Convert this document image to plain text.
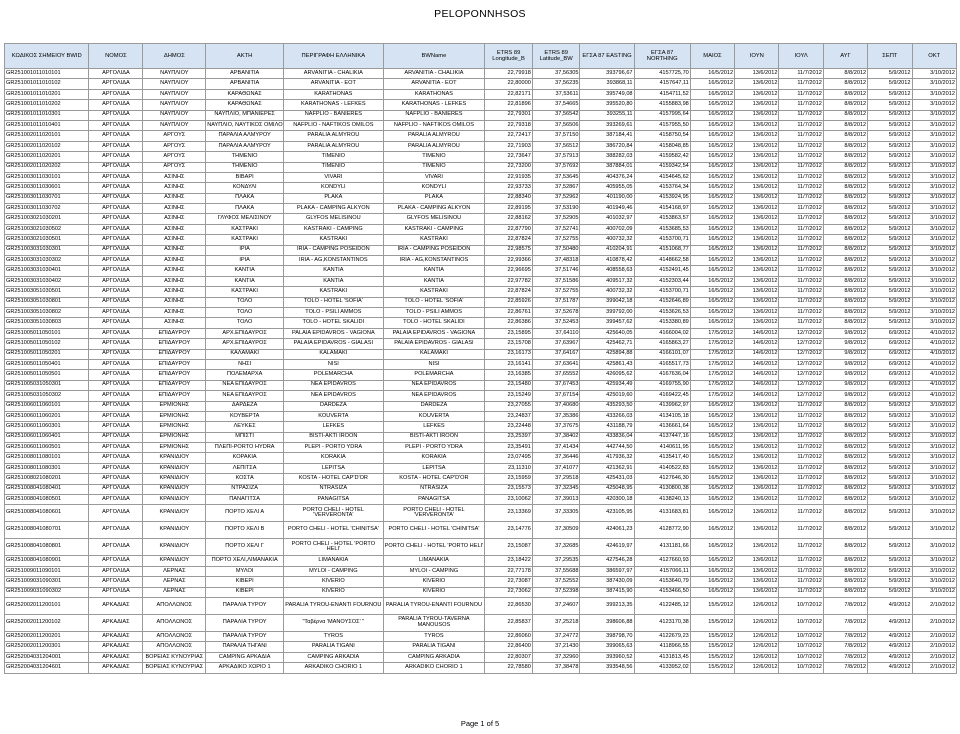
PELOPONNHSOS
ΚΩΔΙΚΟΣ ΣΗΜΕΙΟΥ BWID	ΝΟΜΟΣ	ΔΗΜΟΣ	ΑΚΤΗ	ΠΕΡΙΓΡΑΦΗ ΕΛΛΗΝΙΚΑ	BWName	ETRS 89 Longitude_B	ETRS 89 Latitude_BW	ΕΓΣΑ 87 EASTING	ΕΓΣΑ 87 NORTHING	ΜΑΙΟΣ	ΙΟΥΝ	ΙΟΥΛ	ΑΥΓ	ΣΕΠΤ	ΟΚΤ
GR251001011010101	ΑΡΓΟΛΙΔΑ	ΝΑΥΠΛΙΟΥ	ΑΡΒΑΝΙΤΙΑ	ARVANITIA - CHALIKIA	ARVANITIA - CHALIKIA	22,79918	37,56305	393796,67	4157725,70	16/5/2012	13/6/2012	11/7/2012	8/8/2012	5/9/2012	3/10/2012
GR251001011010102	ΑΡΓΟΛΙΔΑ	ΝΑΥΠΛΙΟΥ	ΑΡΒΑΝΙΤΙΑ	ARVANITIA - EOT	ARVANITIA - EOT	22,80000	37,56235	393868,11	4157647,11	16/5/2012	13/6/2012	11/7/2012	8/8/2012	5/9/2012	3/10/2012
GR251001011010201	ΑΡΓΟΛΙΔΑ	ΝΑΥΠΛΙΟΥ	ΚΑΡΑΘΩΝΑΣ	KARATHONAS	KARATHONAS	22,82171	37,53611	395749,08	4154711,52	16/5/2012	13/6/2012	11/7/2012	8/8/2012	5/9/2012	3/10/2012
GR251001011010202	ΑΡΓΟΛΙΔΑ	ΝΑΥΠΛΙΟΥ	ΚΑΡΑΘΩΝΑΣ	KARATHONAS - LEFKES	KARATHONAS - LEFKES	22,81896	37,54665	395520,80	4155883,98	16/5/2012	13/6/2012	11/7/2012	8/8/2012	5/9/2012	3/10/2012
GR251001011010301	ΑΡΓΟΛΙΔΑ	ΝΑΥΠΛΙΟΥ	ΝΑΥΠΛΙΟ, ΜΠΑΝΙΕΡΕΣ	NAFPLIO - BANIERES	NAFPLIO - BANIERES	22,79301	37,56542	393255,11	4157995,64	16/5/2012	13/6/2012	11/7/2012	8/8/2012	5/9/2012	3/10/2012
GR251001011010401	ΑΡΓΟΛΙΔΑ	ΝΑΥΠΛΙΟΥ	ΝΑΥΠΛΙΟ, ΝΑΥΤΙΚΟΣ ΟΜΙΛΟ	NAFPLIO - NAFTIKOS OMILOS	NAFPLIO - NAFTIKOS OMILOS	22,79318	37,56506	393269,61	4157955,50	16/5/2012	13/6/2012	11/7/2012	8/8/2012	5/9/2012	3/10/2012
GR251002011020101	ΑΡΓΟΛΙΔΑ	ΑΡΓΟΥΣ	ΠΑΡΑΛΙΑ ΑΛΜΥΡΟΥ	PARALIA ALMYROU	PARALIA ALMYROU	22,72417	37,57150	387184,41	4158750,54	16/5/2012	13/6/2012	11/7/2012	8/8/2012	5/9/2012	3/10/2012
GR251002011020102	ΑΡΓΟΛΙΔΑ	ΑΡΓΟΥΣ	ΠΑΡΑΛΙΑ ΑΛΜΥΡΟΥ	PARALIA ALMYROU	PARALIA ALMYROU	22,71903	37,56512	386720,84	4158048,85	16/5/2012	13/6/2012	11/7/2012	8/8/2012	5/9/2012	3/10/2012
GR251002011020201	ΑΡΓΟΛΙΔΑ	ΑΡΓΟΥΣ	ΤΗΜΕΝΙΟ	TIMENIO	TIMENIO	22,73647	37,57913	388282,03	4159582,42	16/5/2012	13/6/2012	11/7/2012	8/8/2012	5/9/2012	3/10/2012
GR251002011020202	ΑΡΓΟΛΙΔΑ	ΑΡΓΟΥΣ	ΤΗΜΕΝΙΟ	TIMENIO	TIMENIO	22,73200	37,57692	387884,01	4159342,54	16/5/2012	13/6/2012	11/7/2012	8/8/2012	5/9/2012	3/10/2012
GR251003011030101	ΑΡΓΟΛΙΔΑ	ΑΣΙΝΗΣ	ΒΙΒΑΡΙ	VIVARI	VIVARI	22,91935	37,53645	404376,24	4154645,62	16/5/2012	13/6/2012	11/7/2012	8/8/2012	5/9/2012	3/10/2012
GR251003011030601	ΑΡΓΟΛΙΔΑ	ΑΣΙΝΗΣ	ΚΟΝΔΥΛΙ	KONDYLI	KONDYLI	22,93733	37,52867	405955,05	4153764,34	16/5/2012	13/6/2012	11/7/2012	8/8/2012	5/9/2012	3/10/2012
GR251003011030701	ΑΡΓΟΛΙΔΑ	ΑΣΙΝΗΣ	ΠΛΑΚΑ	PLAKA	PLAKA	22,88340	37,52962	401190,00	4153924,95	16/5/2012	13/6/2012	11/7/2012	8/8/2012	5/9/2012	3/10/2012
GR251003011030702	ΑΡΓΟΛΙΔΑ	ΑΣΙΝΗΣ	ΠΛΑΚΑ	PLAKA - CAMPING ALKYON	PLAKA - CAMPING ALKYON	22,89195	37,53190	401949,46	4154168,97	16/5/2012	13/6/2012	11/7/2012	8/8/2012	5/9/2012	3/10/2012
GR251003021030201	ΑΡΓΟΛΙΔΑ	ΑΣΙΝΗΣ	ΓΛΥΦΟΣ ΜΕΛΙΣΙΝΟΥ	GLYFOS MELISINOU	GLYFOS MELISINOU	22,88162	37,52905	401032,97	4153863,57	16/5/2012	13/6/2012	11/7/2012	8/8/2012	5/9/2012	3/10/2012
GR251003021030502	ΑΡΓΟΛΙΔΑ	ΑΣΙΝΗΣ	ΚΑΣΤΡΑΚΙ	KASTRAKI - CAMPING	KASTRAKI - CAMPING	22,87790	37,52741	400702,09	4153685,53	16/5/2012	13/6/2012	11/7/2012	8/8/2012	5/9/2012	3/10/2012
GR251003021030501	ΑΡΓΟΛΙΔΑ	ΑΣΙΝΗΣ	ΚΑΣΤΡΑΚΙ	KASTRAKI	KASTRAKI	22,87824	37,52755	400732,32	4153700,71	16/5/2012	13/6/2012	11/7/2012	8/8/2012	5/9/2012	3/10/2012
GR251003031030301	ΑΡΓΟΛΙΔΑ	ΑΣΙΝΗΣ	ΙΡΙΑ	IRIA - CAMPING POSEIDON	IRIA - CAMPING POSEIDON	22,98575	37,50480	410204,91	4151068,77	16/5/2012	13/6/2012	11/7/2012	8/8/2012	5/9/2012	3/10/2012
GR251003031030302	ΑΡΓΟΛΙΔΑ	ΑΣΙΝΗΣ	ΙΡΙΑ	IRIA - AG,KONSTANTINOS	IRIA - AG,KONSTANTINOS	22,99366	37,48318	410878,42	4148662,58	16/5/2012	13/6/2012	11/7/2012	8/8/2012	5/9/2012	3/10/2012
GR251003031030401	ΑΡΓΟΛΙΔΑ	ΑΣΙΝΗΣ	ΚΑΝΤΙΑ	KANTIA	KANTIA	22,96695	37,51746	408558,63	4152491,45	16/5/2012	13/6/2012	11/7/2012	8/8/2012	5/9/2012	3/10/2012
GR251003031030402	ΑΡΓΟΛΙΔΑ	ΑΣΙΝΗΣ	ΚΑΝΤΙΑ	KANTIA	KANTIA	22,97782	37,51586	409517,32	4152303,44	16/5/2012	13/6/2012	11/7/2012	8/8/2012	5/9/2012	3/10/2012
GR251003051030501	ΑΡΓΟΛΙΔΑ	ΑΣΙΝΗΣ	ΚΑΣΤΡΑΚΙ	KASTRAKI	KASTRAKI	22,87824	37,52755	400732,32	4153700,71	16/5/2012	13/6/2012	11/7/2012	8/8/2012	5/9/2012	3/10/2012
GR251003051030801	ΑΡΓΟΛΙΔΑ	ΑΣΙΝΗΣ	ΤΟΛΟ	TOLO - HOTEL 'SOFIA'	TOLO - HOTEL 'SOFIA'	22,85926	37,51787	399042,18	4152646,89	16/5/2012	13/6/2012	11/7/2012	8/8/2012	5/9/2012	3/10/2012
GR251003051030802	ΑΡΓΟΛΙΔΑ	ΑΣΙΝΗΣ	ΤΟΛΟ	TOLO - PSILI AMMOS	TOLO - PSILI AMMOS	22,86761	37,52678	399792,00	4153626,53	16/5/2012	13/6/2012	11/7/2012	8/8/2012	5/9/2012	3/10/2012
GR251003051030803	ΑΡΓΟΛΙΔΑ	ΑΣΙΝΗΣ	ΤΟΛΟ	TOLO - HOTEL SKALIDI	TOLO - HOTEL SKALIDI	22,86386	37,52453	399457,62	4153380,89	16/5/2012	13/6/2012	11/7/2012	8/8/2012	5/9/2012	3/10/2012
GR251005011050101	ΑΡΓΟΛΙΔΑ	ΕΠΙΔΑΥΡΟΥ	ΑΡΧ.ΕΠΙΔΑΥΡΟΣ	PALAIA EPIDAVROS - VAGIONA	PALAIA EPIDAVROS - VAGIONA	23,15895	37,64110	425640,05	4166004,02	17/5/2012	14/6/2012	12/7/2012	9/8/2012	6/9/2012	4/10/2012
GR251005011050102	ΑΡΓΟΛΙΔΑ	ΕΠΙΔΑΥΡΟΥ	ΑΡΧ.ΕΠΙΔΑΥΡΟΣ	PALAIA EPIDAVROS - GIALASI	PALAIA EPIDAVROS - GIALASI	23,15708	37,63967	425462,71	4165863,27	17/5/2012	14/6/2012	12/7/2012	9/8/2012	6/9/2012	4/10/2012
GR251005011050201	ΑΡΓΟΛΙΔΑ	ΕΠΙΔΑΥΡΟΥ	ΚΑΛΑΜΑΚΙ	KALAMAKI	KALAMAKI	23,16173	37,64167	425894,88	4166101,07	17/5/2012	14/6/2012	12/7/2012	9/8/2012	6/9/2012	4/10/2012
GR251005011050401	ΑΡΓΟΛΙΔΑ	ΕΠΙΔΑΥΡΟΥ	ΝΗΣΙ	NISI	NISI	23,16141	37,63641	425861,43	4165517,73	17/5/2012	14/6/2012	12/7/2012	9/8/2012	6/9/2012	4/10/2012
GR251005011050501	ΑΡΓΟΛΙΔΑ	ΕΠΙΔΑΥΡΟΥ	ΠΟΛΕΜΑΡΧΑ	POLEMARCHA	POLEMARCHA	23,16385	37,65552	426095,62	4167636,04	17/5/2012	14/6/2012	12/7/2012	9/8/2012	6/9/2012	4/10/2012
GR251005031050301	ΑΡΓΟΛΙΔΑ	ΕΠΙΔΑΥΡΟΥ	ΝΕΑ ΕΠΙΔΑΥΡΟΣ	NEA EPIDAVROS	NEA EPIDAVROS	23,15480	37,67453	425934,49	4169755,90	17/5/2012	14/6/2012	12/7/2012	9/8/2012	6/9/2012	4/10/2012
GR251005031050302	ΑΡΓΟΛΙΔΑ	ΕΠΙΔΑΥΡΟΥ	ΝΕΑ ΕΠΙΔΑΥΡΟΣ	NEA EPIDAVROS	NEA EPIDAVROS	23,15249	37,67154	425019,60	4169422,45	17/5/2012	14/6/2012	12/7/2012	9/8/2012	6/9/2012	4/10/2012
GR251006011060101	ΑΡΓΟΛΙΔΑ	ΕΡΜΙΟΝΗΣ	ΔΑΡΔΕΖΑ	DARDEZA	DARDEZA	23,27055	37,40680	435293,50	4139962,97	16/5/2012	13/6/2012	11/7/2012	8/8/2012	5/9/2012	3/10/2012
GR251006011060201	ΑΡΓΟΛΙΔΑ	ΕΡΜΙΟΝΗΣ	ΚΟΥΒΕΡΤΑ	KOUVERTA	KOUVERTA	23,24837	37,35386	433266,03	4134105,18	16/5/2012	13/6/2012	11/7/2012	8/8/2012	5/9/2012	3/10/2012
GR251006011060301	ΑΡΓΟΛΙΔΑ	ΕΡΜΙΟΝΗΣ	ΛΕΥΚΕΣ	LEFKES	LEFKES	23,22448	37,37675	431188,79	4136661,64	16/5/2012	13/6/2012	11/7/2012	8/8/2012	5/9/2012	3/10/2012
GR251006011060401	ΑΡΓΟΛΙΔΑ	ΕΡΜΙΟΝΗΣ	ΜΠΙΣΤΙ	BISTI-AKTI IROON	BISTI-AKTI IROON	23,25397	37,38402	433836,04	4137447,16	16/5/2012	13/6/2012	11/7/2012	8/8/2012	5/9/2012	3/10/2012
GR251006011060501	ΑΡΓΟΛΙΔΑ	ΕΡΜΙΟΝΗΣ	ΠΛΕΠΙ-PORTO HYDRA	PLEPI - PORTO YDRA	PLEPI - PORTO YDRA	23,35491	37,41434	442744,50	4140611,95	16/5/2012	13/6/2012	11/7/2012	8/8/2012	5/9/2012	3/10/2012
GR251008011080101	ΑΡΓΟΛΙΔΑ	ΚΡΑΝΙΔΙΟΥ	ΚΟΡΑΚΙΑ	KORAKIA	KORAKIA	23,07495	37,36446	417936,32	4135417,40	16/5/2012	13/6/2012	11/7/2012	8/8/2012	5/9/2012	3/10/2012
GR251008011080301	ΑΡΓΟΛΙΔΑ	ΚΡΑΝΙΔΙΟΥ	ΛΕΠΙΤΣΑ	LEPITSA	LEPITSA	23,11310	37,41077	421362,91	4140522,83	16/5/2012	13/6/2012	11/7/2012	8/8/2012	5/9/2012	3/10/2012
GR251008021080201	ΑΡΓΟΛΙΔΑ	ΚΡΑΝΙΔΙΟΥ	ΚΟΣΤΑ	KOSTA - HOTEL CAP'D'OR	KOSTA - HOTEL CAP'D'OR	23,15959	37,29518	425431,03	4127646,30	16/5/2012	13/6/2012	11/7/2012	8/8/2012	5/9/2012	3/10/2012
GR251008041080401	ΑΡΓΟΛΙΔΑ	ΚΡΑΝΙΔΙΟΥ	ΝΤΡΑΣΙΖΑ	NTRASIZA	NTRASIZA	23,15573	37,32345	425048,95	4130800,38	16/5/2012	13/6/2012	11/7/2012	8/8/2012	5/9/2012	3/10/2012
GR251008041080501	ΑΡΓΟΛΙΔΑ	ΚΡΑΝΙΔΙΟΥ	ΠΑΝΑΓΙΤΣΑ	PANAGITSA	PANAGITSA	23,10062	37,39013	420300,18	4138240,13	16/5/2012	13/6/2012	11/7/2012	8/8/2012	5/9/2012	3/10/2012
GR251008041080601	ΑΡΓΟΛΙΔΑ	ΚΡΑΝΙΔΙΟΥ	ΠΟΡΤΟ ΧΕΛΙ Α	PORTO CHELI - HOTEL 'VERVERONTA'	PORTO CHELI - HOTEL 'VERVERONTA'	23,13369	37,33305	423105,95	4131683,81	16/5/2012	13/6/2012	11/7/2012	8/8/2012	5/9/2012	3/10/2012
GR251008041080701	ΑΡΓΟΛΙΔΑ	ΚΡΑΝΙΔΙΟΥ	ΠΟΡΤΟ ΧΕΛΙ Β	PORTO CHELI - HOTEL 'CHINITSA'	PORTO CHELI - HOTEL 'CHINITSA'	23,14776	37,30509	424061,23	4128772,90	16/5/2012	13/6/2012	11/7/2012	8/8/2012	5/9/2012	3/10/2012
GR251008041080801	ΑΡΓΟΛΙΔΑ	ΚΡΑΝΙΔΙΟΥ	ΠΟΡΤΟ ΧΕΛΙ Γ	PORTO CHELI - HOTEL 'PORTO HELI'	PORTO CHELI - HOTEL 'PORTO HELI'	23,15087	37,32685	424619,97	4131181,66	16/5/2012	13/6/2012	11/7/2012	8/8/2012	5/9/2012	3/10/2012
GR251008041080901	ΑΡΓΟΛΙΔΑ	ΚΡΑΝΙΔΙΟΥ	ΠΟΡΤΟ ΧΕΛΙ,ΛΙΜΑΝΑΚΙΑ	LIMANAKIA	LIMANAKIA	23,18422	37,29535	427546,28	4127660,93	16/5/2012	13/6/2012	11/7/2012	8/8/2012	5/9/2012	3/10/2012
GR251009011090101	ΑΡΓΟΛΙΔΑ	ΛΕΡΝΑΣ	ΜΥΛΟΙ	MYLOI - CAMPING	MYLOI - CAMPING	22,77178	37,55688	386597,97	4157066,11	16/5/2012	13/6/2012	11/7/2012	8/8/2012	5/9/2012	3/10/2012
GR251009031090301	ΑΡΓΟΛΙΔΑ	ΛΕΡΝΑΣ	ΚΙΒΕΡΙ	KIVERIO	KIVERIO	22,73087	37,52552	387430,09	4153640,79	16/5/2012	13/6/2012	11/7/2012	8/8/2012	5/9/2012	3/10/2012
GR251009031090302	ΑΡΓΟΛΙΔΑ	ΛΕΡΝΑΣ	ΚΙΒΕΡΙ	KIVERIO	KIVERIO	22,73062	37,52398	387415,90	4153466,50	16/5/2012	13/6/2012	11/7/2012	8/8/2012	5/9/2012	3/10/2012
GR252002011200101	ΑΡΚΑΔΙΑΣ	ΑΠΟΛΛΩΝΟΣ	ΠΑΡΑΛΙΑ ΤΥΡΟΥ	PARALIA TYROU-ENANTI FOURNOU	PARALIA TYROU-ENANTI FOURNOU	22,86530	37,24607	399213,35	4122485,12	15/5/2012	12/6/2012	10/7/2012	7/8/2012	4/9/2012	2/10/2012
GR252002011200102	ΑΡΚΑΔΙΑΣ	ΑΠΟΛΛΩΝΟΣ	ΠΑΡΑΛΙΑ ΤΥΡΟΥ	"Ταβέρνα 'ΜΑΝΟΥΣΟΣ' "	PARALIA TYROU-TAVERNA MANOUSOS	22,85837	37,25218	398606,88	4123170,38	15/5/2012	12/6/2012	10/7/2012	7/8/2012	4/9/2012	2/10/2012
GR252002011200201	ΑΡΚΑΔΙΑΣ	ΑΠΟΛΛΩΝΟΣ	ΠΑΡΑΛΙΑ ΤΥΡΟΥ	TYROS	TYROS	22,86060	37,24772	398798,70	4122679,23	15/5/2012	12/6/2012	10/7/2012	7/8/2012	4/9/2012	2/10/2012
GR252002011200301	ΑΡΚΑΔΙΑΣ	ΑΠΟΛΛΩΝΟΣ	ΠΑΡΑΛΙΑ ΤΗΓΑΝΙ	PARALIA TIGANI	PARALIA TIGANI	22,86400	37,21430	399065,63	4118966,55	15/5/2012	12/6/2012	10/7/2012	7/8/2012	4/9/2012	2/10/2012
GR252004031204001	ΑΡΚΑΔΙΑΣ	ΒΟΡΕΙΑΣ ΚΥΝΟΥΡΙΑΣ	CAMPING ΑΡΚΑΔΙΑ	CAMPING ARKADIA	CAMPING ARKADIA	22,80307	37,32960	393960,52	4131813,45	15/5/2012	12/6/2012	10/7/2012	7/8/2012	4/9/2012	2/10/2012
GR252004031204601	ΑΡΚΑΔΙΑΣ	ΒΟΡΕΙΑΣ ΚΥΝΟΥΡΙΑΣ	ΑΡΚΑΔΙΚΟ ΧΩΡΙΟ 1	ARKADIKO CHORIO 1	ARKADIKO CHORIO 1	22,78580	37,38478	393548,56	4133952,02	15/5/2012	12/6/2012	10/7/2012	7/8/2012	4/9/2012	2/10/2012
Page 1 of 5
